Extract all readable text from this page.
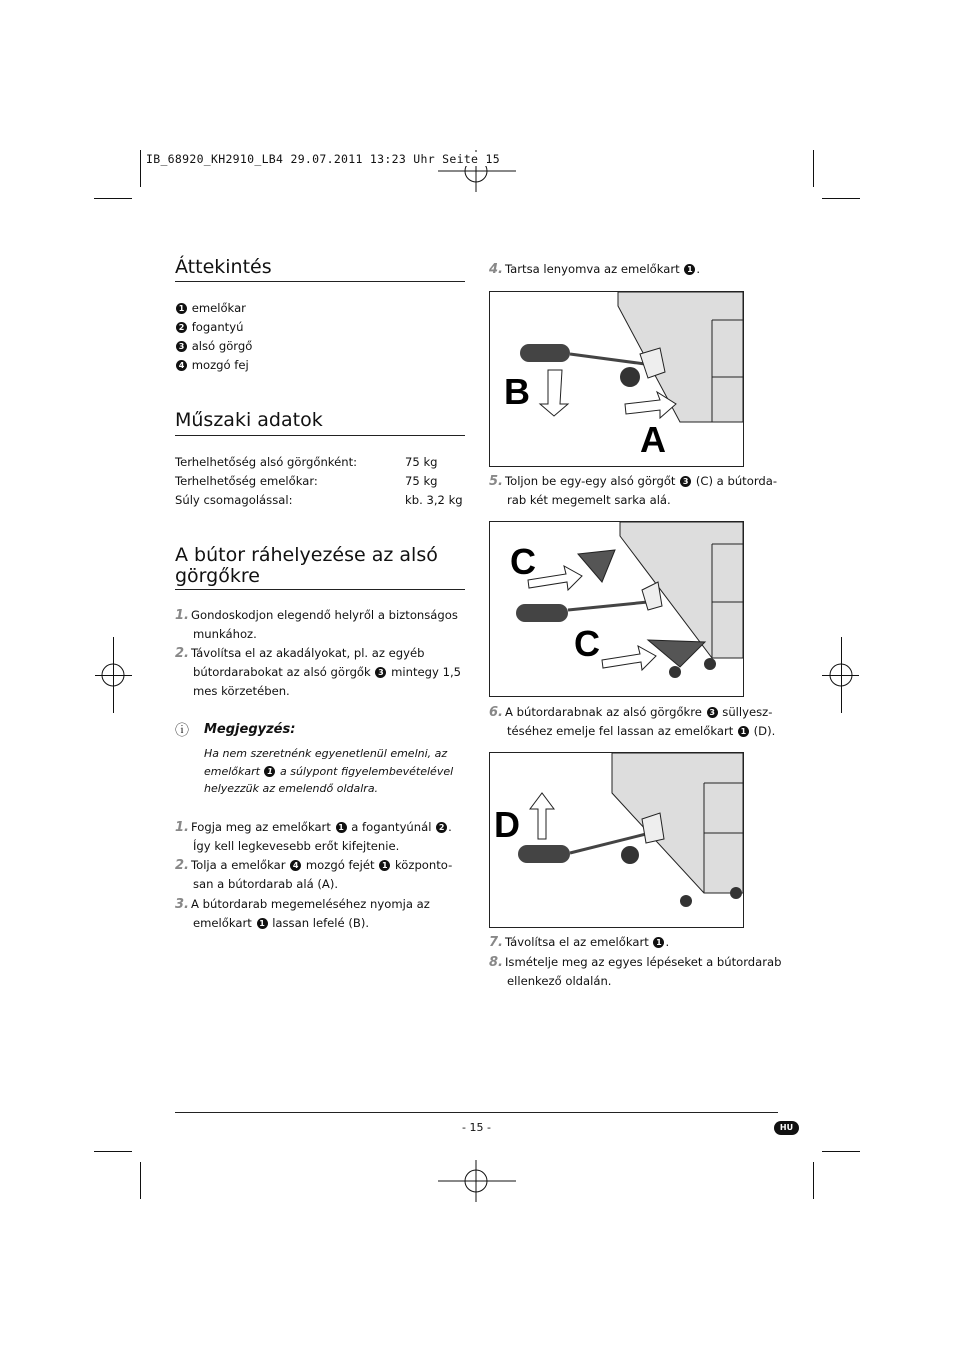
IB_68920_KH2910_LB4 29.07.2011 13:23 Uhr Seite 15
Áttekintés
1 emelőkar
2 fogantyú
3 alsó görgő
4 mozgó fej
Műszaki adatok
Terhelhetőség alsó görgőnként:	75 kg
Terhelhetőség emelőkar:	75 kg
Súly csomagolással:	kb. 3,2 kg
A bútor ráhelyezése az alsó
görgőkre
1. Gondoskodjon elegendő helyről a biztonságos
munkához.
2. Távolítsa el az akadályokat, pl. az egyéb
bútordarabokat az alsó görgők 3 mintegy 1,5
mes körzetében.
ⓘ Megjegyzés:
Ha nem szeretnénk egyenetlenül emelni, az
emelőkart 1 a súlypont figyelembevételével
helyezzük az emelendő oldalra.
1. Fogja meg az emelőkart 1 a fogantyúnál 2 .
Így kell legkevesebb erőt kifejtenie.
2. Tolja a emelőkar 4 mozgó fejét 1 központo-
san a bútordarab alá (A).
3. A bútordarab megemeléséhez nyomja az
emelőkart 1 lassan lefelé (B).
4. Tartsa lenyomva az emelőkart 1 .
B
A
5. Toljon be egy-egy alsó görgőt 3 (C) a bútorda-
rab két megemelt sarka alá.
C
C
6. A bútordarabnak az alsó görgőkre 3 süllyesz-
téséhez emelje fel lassan az emelőkart 1 (D).
D
7. Távolítsa el az emelőkart 1 .
8. Ismételje meg az egyes lépéseket a bútordarab
ellenkező oldalán.
- 15 -	HU
